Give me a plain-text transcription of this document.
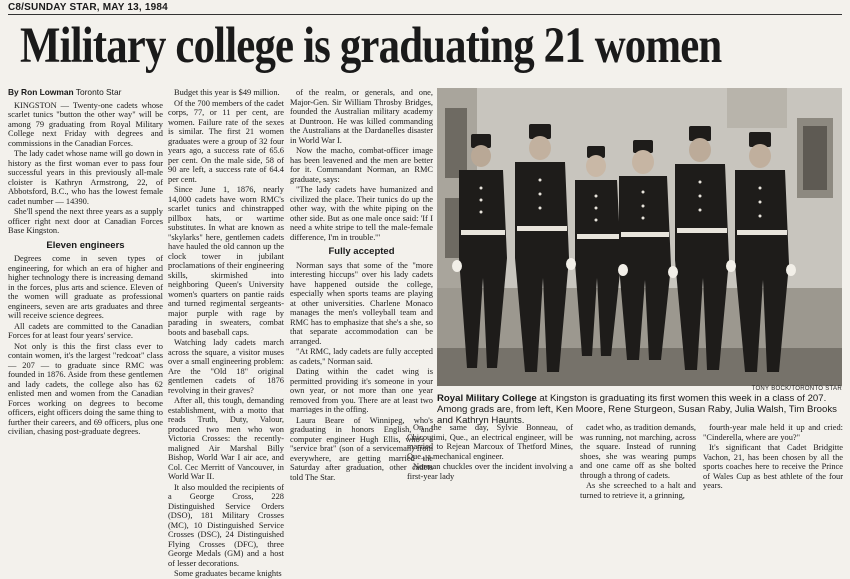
C8/SUNDAY STAR, MAY 13, 1984
Military college is graduating 21 women
By Ron Lowman Toronto Star

KINGSTON — Twenty-one cadets whose scarlet tunics "button the other way" will be among 79 graduating from Royal Military College next Friday with degrees and commissions in the Canadian Forces.

The lady cadet whose name will go down in history as the first woman ever to pass four successful years in this previously all-male cloister is Kathryn Armstrong, 22, of Abbotsford, B.C., who has the lowest female cadet number — 14390.

She'll spend the next three years as a supply officer right next door at Canadian Forces Base Kingston.

Eleven engineers

Degrees come in seven types of engineering, for which an era of higher and higher technology there is increasing demand in the forces, plus arts and science. Eleven of the women will graduate as professional engineers, seven are arts graduates and three will receive science degrees.

All cadets are committed to the Canadian Forces for at least four years' service.

Not only is this the first class ever to contain women, it's the largest "redcoat" class — 207 — to graduate since RMC was founded in 1876. Aside from these gentlemen and lady cadets, the college also has 62 enlisted men and women from the Canadian Forces working on degrees to become officers, eight officers doing the same thing to further their careers, and 69 officers, plus one civilian, chasing post-graduate degrees.

Budget this year is $49 million.

Of the 700 members of the cadet corps, 77, or 11 per cent, are women. Failure rate of the sexes is similar. The first 21 women graduates were a group of 32 four years ago, a success rate of 65.6 per cent. On the male side, 58 of 90 are left, a success rate of 64.4 per cent.

Since June 1, 1876, nearly 14,000 cadets have worn RMC's scarlet tunics and chinstrapped pillbox hats, or wartime substitutes. In what are known as "skylarks" here, gentlemen cadets have hauled the old cannon up the clock tower in jubilant proclamations of their engineering skills, skirmished into neighboring Queen's University women's quarters on pantie raids and turned regimental sergeants-major purple with rage by parading in sweaters, combat boots and baseball caps.

Watching lady cadets march across the square, a visitor muses over a small engineering problem: Are the "Old 18" original gentlemen cadets of 1876 revolving in their graves?

After all, this tough, demanding establishment, with a motto that reads Truth, Duty, Valour, produced two men who won Victoria Crosses: the recently-maligned Air Marshal Billy Bishop, World War I air ace, and Col. Cec Merritt of Vancouver, in World War II.

It also moulded the recipients of a George Cross, 228 Distinguished Service Orders (DSO), 181 Military Crosses (MC), 10 Distinguished Service Crosses (DSC), 24 Distinguished Flying Crosses (DFC), three George Medals (GM) and a host of lesser decorations.

Some graduates became knights

of the realm, or generals, and one, Major-Gen. Sir William Throsby Bridges, founded the Australian military academy at Duntroon. He was killed commanding the Australians at the Dardanelles disaster in World War I.

Now the macho, combat-officer image has been leavened and the men are better for it. Commandant Norman, an RMC graduate, says:

"The lady cadets have humanized and civilized the place. Their tunics do up the other way, with the white piping on the other side. But as one male once said: 'If I need a white stripe to tell the male-female difference, I'm in trouble.'"

Fully accepted

Norman says that some of the "more interesting hiccups" over his lady cadets have happened outside the college, especially when sports teams are playing at other universities. Charlene Monaco manages the men's volleyball team and RMC has to emphasize that she's a she, so that separate accommodation can be arranged.

"At RMC, lady cadets are fully accepted as cadets," Norman said.

Dating within the cadet wing is permitted providing it's someone in your own year, or not more than one year removed from you. There are at least two marriages in the offing.

Laura Beare of Winnipeg, who's graduating in honors English, and computer engineer Hugh Ellis, who's a "service brat" (son of a serviceman) from everywhere, are getting married the Saturday after graduation, other cadets told The Star.

TONY BOCK/TORONTO STAR
Royal Military College at Kingston is graduating its first women this week in a class of 207. Among grads are, from left, Ken Moore, Rene Sturgeon, Susan Raby, Julia Walsh, Tim Brooks and Kathryn Haunts.

On the same day, Sylvie Bonneau, of Chicoutimi, Que., an electrical engineer, will be married to Rejean Marcoux of Thetford Mines, Que., a mechanical engineer.

Norman chuckles over the incident involving a first-year lady

cadet who, as tradition demands, was running, not marching, across the square. Instead of running shoes, she was wearing pumps and one came off as she bolted through a throng of cadets.

As she screeched to a halt and turned to retrieve it, a grinning,

fourth-year male held it up and cried: "Cinderella, where are you?"

It's significant that Cadet Bridgitte Vachon, 21, has been chosen by all the sports coaches here to receive the Prince of Wales Cup as best athlete of the four years.
